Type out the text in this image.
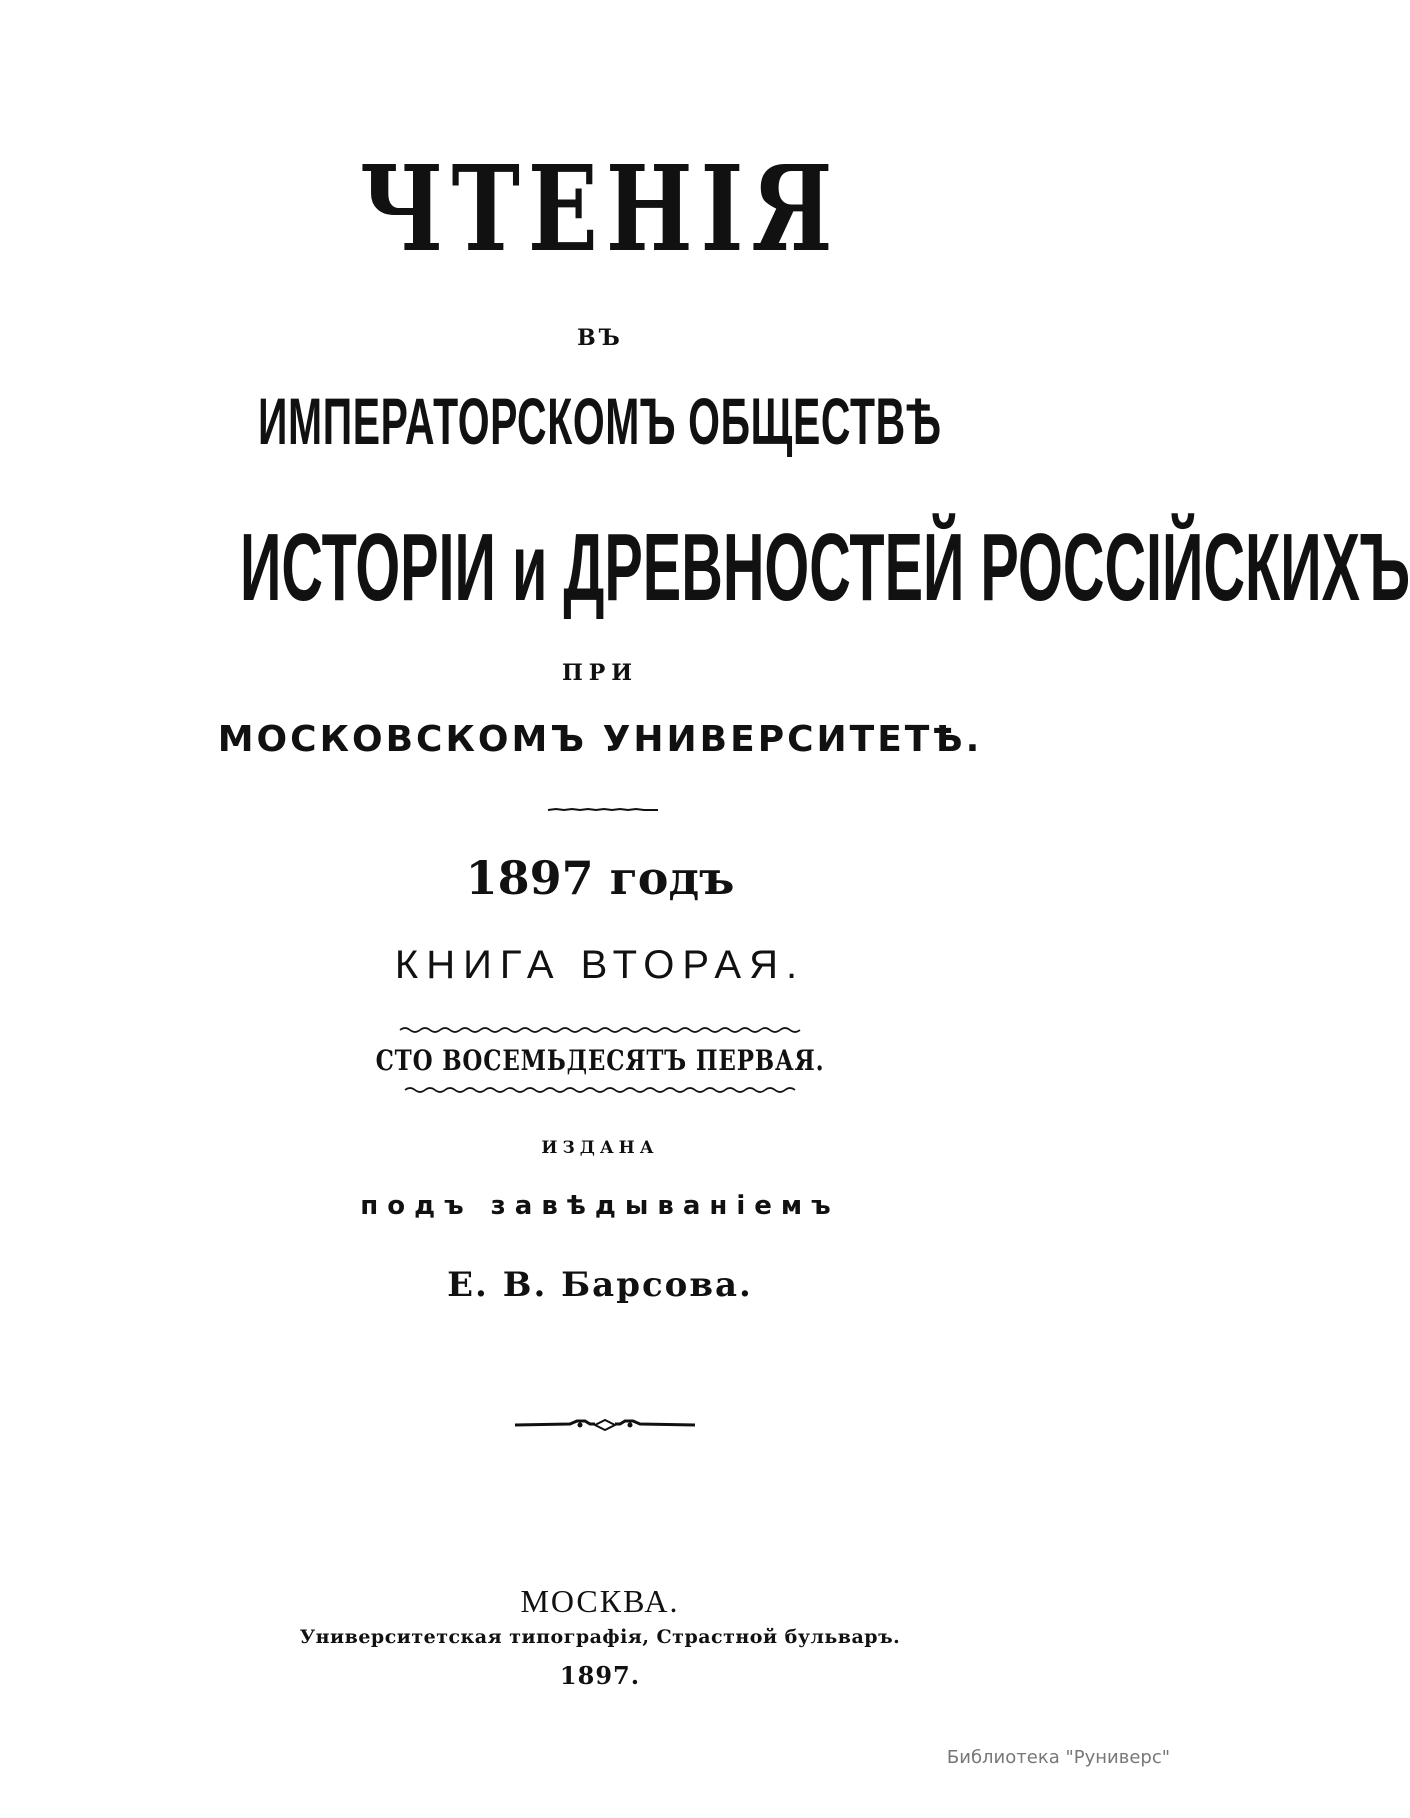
ЧТЕНІЯ
ВЪ
ИМПЕРАТОРСКОМЪ ОБЩЕСТВѢ
ИСТОРІИ и ДРЕВНОСТЕЙ РОССІЙСКИХЪ
ПРИ
МОСКОВСКОМЪ УНИВЕРСИТЕТѢ.
1897 годъ
КНИГА ВТОРАЯ.
СТО ВОСЕМЬДЕСЯТЪ ПЕРВАЯ.
ИЗДАНА
подъ завѣдываніемъ
Е. В. Барсова.
МОСКВА.
Университетская типографія, Страстной бульваръ.
1897.
Библиотека "Руниверс"
